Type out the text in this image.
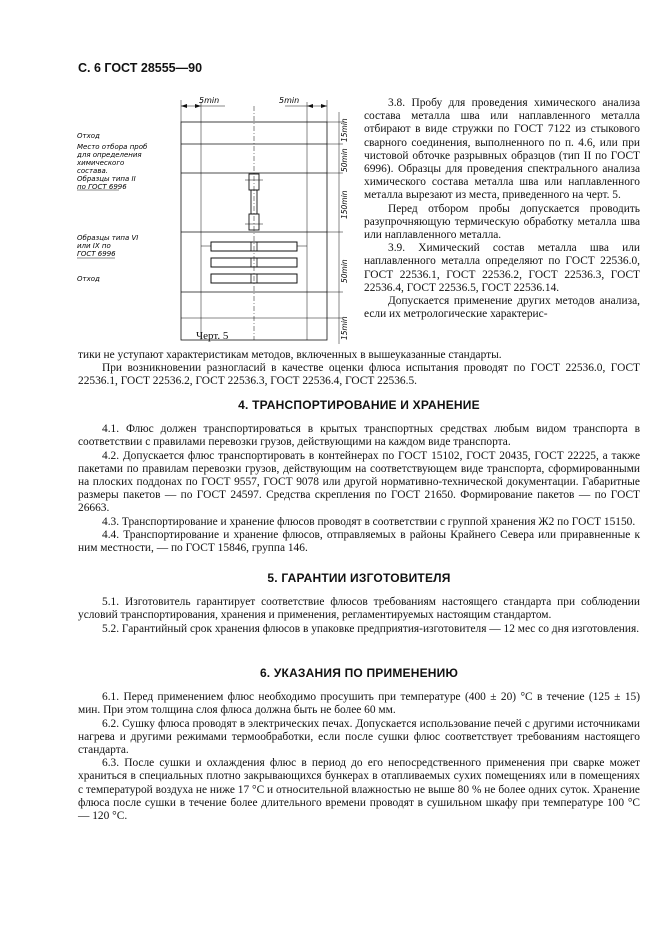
С. 6 ГОСТ 28555—90
5min	5min
15min
50min
150min
50min
15min
Отход
Место отбора проб
для определения
химического
состава.
Образцы типа II
по ГОСТ 6996
Образцы типа VI
или IX по
ГОСТ 6996
Отход
Черт. 5

3.8. Пробу для проведения химического анализа состава металла шва или наплавленного металла отбирают в виде стружки по ГОСТ 7122 из стыкового сварного соединения, выполненного по п. 4.6, или при чистовой обточке разрывных образцов (тип II по ГОСТ 6996). Образцы для проведения спектрального анализа химического состава металла шва или наплавленного металла вырезают из места, приведенного на черт. 5.

Перед отбором пробы допускается проводить разупрочняющую термическую обработку металла шва или наплавленного металла.

3.9. Химический состав металла шва или наплавленного металла определяют по ГОСТ 22536.0, ГОСТ 22536.1, ГОСТ 22536.2, ГОСТ 22536.3, ГОСТ 22536.4, ГОСТ 22536.5, ГОСТ 22536.14.

Допускается применение других методов анализа, если их метрологические характерис-

тики не уступают характеристикам методов, включенных в вышеуказанные стандарты.

При возникновении разногласий в качестве оценки флюса испытания проводят по ГОСТ 22536.0, ГОСТ 22536.1, ГОСТ 22536.2, ГОСТ 22536.3, ГОСТ 22536.4, ГОСТ 22536.5.

4. ТРАНСПОРТИРОВАНИЕ И ХРАНЕНИЕ

4.1. Флюс должен транспортироваться в крытых транспортных средствах любым видом транспорта в соответствии с правилами перевозки грузов, действующими на каждом виде транспорта.

4.2. Допускается флюс транспортировать в контейнерах по ГОСТ 15102, ГОСТ 20435, ГОСТ 22225, а также пакетами по правилам перевозки грузов, действующим на соответствующем виде транспорта, сформированными на плоских поддонах по ГОСТ 9557, ГОСТ 9078 или другой нормативно-технической документации. Габаритные размеры пакетов — по ГОСТ 24597. Средства скрепления по ГОСТ 21650. Формирование пакетов — по ГОСТ 26663.

4.3. Транспортирование и хранение флюсов проводят в соответствии с группой хранения Ж2 по ГОСТ 15150.

4.4. Транспортирование и хранение флюсов, отправляемых в районы Крайнего Севера или приравненные к ним местности, — по ГОСТ 15846, группа 146.

5. ГАРАНТИИ ИЗГОТОВИТЕЛЯ

5.1. Изготовитель гарантирует соответствие флюсов требованиям настоящего стандарта при соблюдении условий транспортирования, хранения и применения, регламентируемых настоящим стандартом.

5.2. Гарантийный срок хранения флюсов в упаковке предприятия-изготовителя — 12 мес со дня изготовления.

6. УКАЗАНИЯ ПО ПРИМЕНЕНИЮ

6.1. Перед применением флюс необходимо просушить при температуре (400 ± 20) °С в течение (125 ± 15) мин. При этом толщина слоя флюса должна быть не более 60 мм.

6.2. Сушку флюса проводят в электрических печах. Допускается использование печей с другими источниками нагрева и другими режимами термообработки, если после сушки флюс соответствует требованиям настоящего стандарта.

6.3. После сушки и охлаждения флюс в период до его непосредственного применения при сварке может храниться в специальных плотно закрывающихся бункерах в отапливаемых сухих помещениях или в помещениях с температурой воздуха не ниже 17 °С и относительной влажностью не выше 80 % не более одних суток. Хранение флюса после сушки в течение более длительного времени проводят в сушильном шкафу при температуре 100 °С — 120 °С.
